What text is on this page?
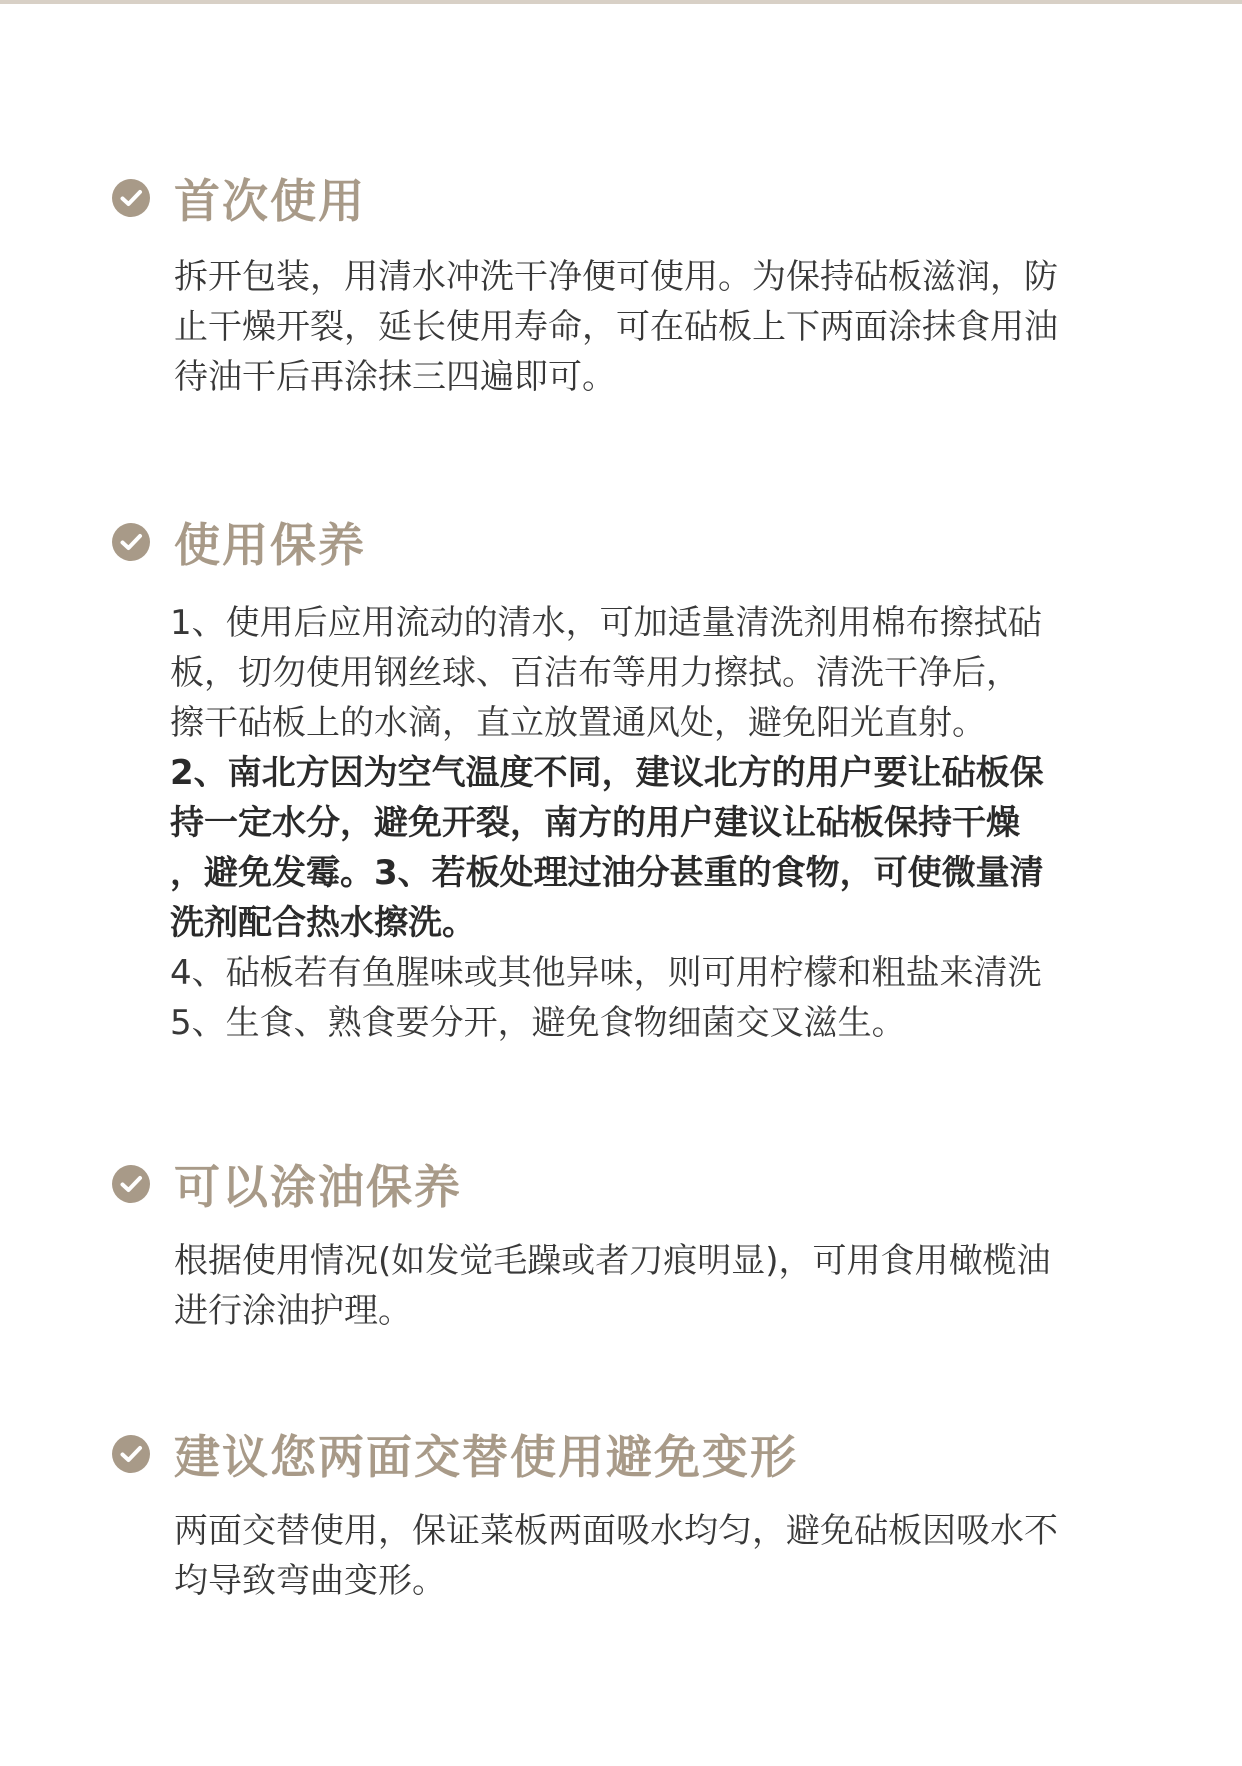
首次使用

拆开包装，用清水冲洗干净便可使用。为保持砧板滋润，防

止干燥开裂，延长使用寿命，可在砧板上下两面涂抹食用油

待油干后再涂抹三四遍即可。

使用保养

1、使用后应用流动的清水，可加适量清洗剂用棉布擦拭砧

板，切勿使用钢丝球、百洁布等用力擦拭。清洗干净后，

擦干砧板上的水滴，直立放置通风处，避免阳光直射。

2、南北方因为空气温度不同，建议北方的用户要让砧板保

持一定水分，避免开裂，南方的用户建议让砧板保持干燥

，避免发霉。3、若板处理过油分甚重的食物，可使微量清

洗剂配合热水擦洗。

4、砧板若有鱼腥味或其他异味，则可用柠檬和粗盐来清洗

5、生食、熟食要分开，避免食物细菌交叉滋生。

可以涂油保养

根据使用情况(如发觉毛躁或者刀痕明显)，可用食用橄榄油

进行涂油护理。

建议您两面交替使用避免变形

两面交替使用，保证菜板两面吸水均匀，避免砧板因吸水不

均导致弯曲变形。
